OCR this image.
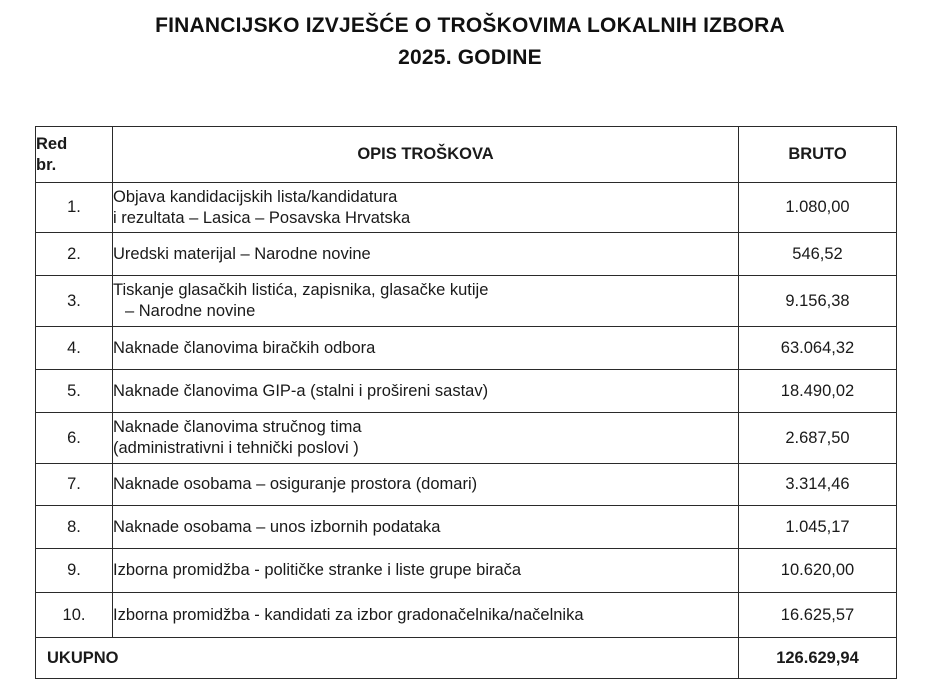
FINANCIJSKO IZVJEŠĆE O TROŠKOVIMA LOKALNIH IZBORA
2025. GODINE
Red
br.	OPIS TROŠKOVA	BRUTO
1.	Objava kandidacijskih lista/kandidatura
i rezultata – Lasica – Posavska Hrvatska	1.080,00
2.	Uredski materijal – Narodne novine	546,52
3.	Tiskanje glasačkih listića, zapisnika, glasačke kutije
– Narodne novine	9.156,38
4.	Naknade članovima biračkih odbora	63.064,32
5.	Naknade članovima GIP-a (stalni i prošireni sastav)	18.490,02
6.	Naknade članovima stručnog tima
(administrativni i tehnički poslovi )	2.687,50
7.	Naknade osobama – osiguranje prostora (domari)	3.314,46
8.	Naknade osobama – unos izbornih podataka	1.045,17
9.	Izborna promidžba - političke stranke i liste grupe birača	10.620,00
10.	Izborna promidžba - kandidati za izbor gradonačelnika/načelnika	16.625,57
UKUPNO		126.629,94
